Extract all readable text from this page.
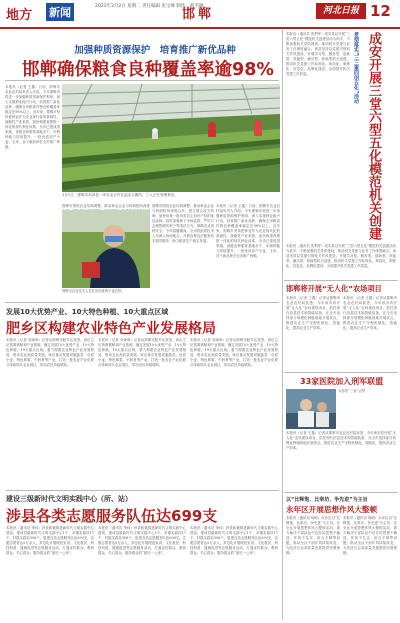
地方 新闻	2021年3月2日 星期二 责任编辑 张宝峰 制作：韩杰刚
邯郸	河北日报 12
加强种质资源保护　培育推广新优品种
邯郸确保粮食良种覆盖率逾98%
本报讯（记者 王鑫）日前，邯郸市农业农村局负责人介绍，今年邯郸市将进一步加强种质资源保护利用，深入实施种业振兴行动，培育推广新优品种，确保全市粮食作物良种覆盖率稳定在98%以上。近年来，邯郸市坚持把种业作为农业现代化的基础性、战略性产业来抓，加快构建育繁推一体化的现代种业体系。全市已建成国家级、省级良种繁育基地多个，年制种能力持续提升，一批优质高产小麦、玉米、谷子新品种在全市推广种植。
3月1日，邯郸市鸡泽县一家农业合作社温室大棚内，工人正在管理种苗。
邯郸市围绕农业结构调整，推动种业企业与科研院所深度
邯郸市农业技术人员在田间查看小麦长势。
邯郸市围绕农业结构调整，推动种业企业与科研院所深度合作，建立联合攻关机制，加快培育一批具有自主知识产权的优良品种。同时加强种子市场监管，严厉打击制售假劣种子等违法行为，保障农业用种安全。今年春播期间，全市将组织技术人员深入田间地头，开展良种良法配套技术指导服务，助力粮食生产稳定发展。
本报讯（记者 王鑫）日前，邯郸市农业农村局负责人介绍，今年邯郸市将进一步加强种质资源保护利用，深入实施种业振兴行动，培育推广新优品种，确保全市粮食作物良种覆盖率稳定在98%以上。近年来，邯郸市坚持把种业作为农业现代化的基础性、战略性产业来抓，加快构建育繁推一体化的现代种业体系。全市已建成国家级、省级良种繁育基地多个，年制种能力持续提升，一批优质高产小麦、玉米、谷子新品种在全市推广种植。
发展10大优势产业、10大特色种植、10大重点区域
肥乡区构建农业特色产业发展格局
本报讯（记者 刘秉章）记者从邯郸市肥乡区获悉，该区立足资源禀赋和产业基础，确定发展10大优势产业、10大特色种植、10大重点区域，着力构建农业特色产业发展格局，推动农业高质量发展。该区重点发展设施蔬菜、优质小麦、特色林果、中药材等产业，打造一批农业产业化联合体和现代农业园区，带动农民持续增收。
本报讯（记者 刘秉章）记者从邯郸市肥乡区获悉，该区立足资源禀赋和产业基础，确定发展10大优势产业、10大特色种植、10大重点区域，着力构建农业特色产业发展格局，推动农业高质量发展。该区重点发展设施蔬菜、优质小麦、特色林果、中药材等产业，打造一批农业产业化联合体和现代农业园区，带动农民持续增收。
本报讯（记者 刘秉章）记者从邯郸市肥乡区获悉，该区立足资源禀赋和产业基础，确定发展10大优势产业、10大特色种植、10大重点区域，着力构建农业特色产业发展格局，推动农业高质量发展。该区重点发展设施蔬菜、优质小麦、特色林果、中药材等产业，打造一批农业产业化联合体和现代农业园区，带动农民持续增收。
建设三级新时代文明实践中心（所、站）
涉县各类志愿服务队伍达699支
本报讯（通讯员 李伟）涉县积极推进新时代文明实践中心建设，建成县级新时代文明实践中心1个、乡镇实践所17个、村级实践站308个，组建各类志愿服务队伍699支，注册志愿者达5万余人，常态化开展理论宣讲、文化惠民、科技科普、健康促进等志愿服务活动，打通宣传群众、教育群众、关心群众、服务群众的“最后一公里”。
本报讯（通讯员 李伟）涉县积极推进新时代文明实践中心建设，建成县级新时代文明实践中心1个、乡镇实践所17个、村级实践站308个，组建各类志愿服务队伍699支，注册志愿者达5万余人，常态化开展理论宣讲、文化惠民、科技科普、健康促进等志愿服务活动，打通宣传群众、教育群众、关心群众、服务群众的“最后一公里”。
本报讯（通讯员 李伟）涉县积极推进新时代文明实践中心建设，建成县级新时代文明实践中心1个、乡镇实践所17个、村级实践站308个，组建各类志愿服务队伍699支，注册志愿者达5万余人，常态化开展理论宣讲、文化惠民、科技科普、健康促进等志愿服务活动，打通宣传群众、教育群众、关心群众、服务群众的“最后一公里”。
本报讯（通讯员 张利军）成安县以开展“三堂六型五化”模范机关创建活动为抓手，不断加强机关党的建设，推动机关党建与业务工作深度融合。该县坚持以党建引领机关作风建设，开展学习型、服务型、创新型、效能型、廉洁型、和谐型机关创建，推动机关党建工作标准化、规范化、制度化、信息化、品牌化建设，全面提升机关党建工作质量。	成安开展三堂六型五化模范机关创建
贯彻落实“三三重四创五化”活动
本报讯（通讯员 张利军）成安县以开展“三堂六型五化”模范机关创建活动为抓手，不断加强机关党的建设，推动机关党建与业务工作深度融合。该县坚持以党建引领机关作风建设，开展学习型、服务型、创新型、效能型、廉洁型、和谐型机关创建，推动机关党建工作标准化、规范化、制度化、信息化、品牌化建设，全面提升机关党建工作质量。
邯郸将开展“无人化”农场项目
本报讯（记者 王鑫）记者从邯郸市农业农村局获悉，今年该市将开展“无人化”农场建设项目，依托现代信息技术和智能装备，在全市选择部分规模化种植基地开展试点，推进农业生产全程机械化、智能化，提高农业生产效率。
本报讯（记者 王鑫）记者从邯郸市农业农村局获悉，今年该市将开展“无人化”农场建设项目，依托现代信息技术和智能装备，在全市选择部分规模化种植基地开展试点，推进农业生产全程机械化、智能化，提高农业生产效率。
33家医院加入刑军联盟
为你的“三省”点赞
本报讯（记者 王鑫）记者从邯郸市农业农村局获悉，今年该市将开展“无人化”农场建设项目，依托现代信息技术和智能装备，在全市选择部分规模化种植基地开展试点，推进农业生产全程机械化、智能化，提高农业生产效率。
以“比释饱、比奉坊、争先进”为主旨
永年区开展思想作风大整顿
本报讯（通讯员 杨明）永年区以“比释饱、比奉坊、争先进”为主旨，在全区开展思想作风大整顿活动，着力解决干部队伍中存在的思想不解放、作风不扎实、担当不够等问题，推动全区干部作风持续转变，为经济社会高质量发展提供坚强保障。
本报讯（通讯员 杨明）永年区以“比释饱、比奉坊、争先进”为主旨，在全区开展思想作风大整顿活动，着力解决干部队伍中存在的思想不解放、作风不扎实、担当不够等问题，推动全区干部作风持续转变，为经济社会高质量发展提供坚强保障。
